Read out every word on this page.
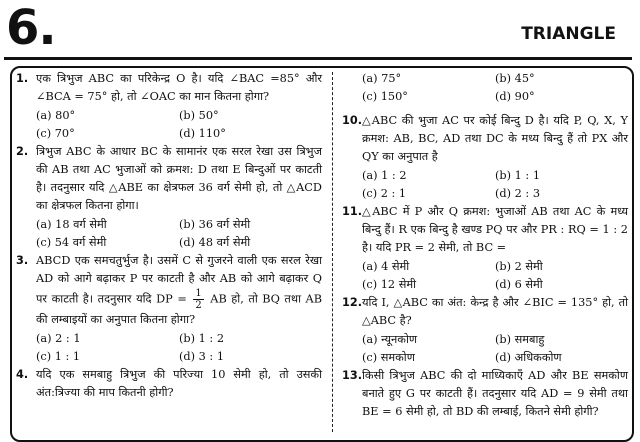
6.	TRIANGLE
1. एक त्रिभुज ABC का परिकेन्द्र O है। यदि ∠BAC =85° और ∠BCA = 75° हो, तो ∠OAC का मान कितना होगा?
(a) 80°	(b) 50°
(c) 70°	(d) 110°
2. त्रिभुज ABC के आधार BC के सामानंर एक सरल रेखा उस त्रिभुज की AB तथा AC भुजाओं को क्रमश: D तथा E बिन्दुओं पर काटती है। तदनुसार यदि △ABE का क्षेत्रफल 36 वर्ग सेमी हो, तो △ACD का क्षेत्रफल कितना होगा।
(a) 18 वर्ग सेमी	(b) 36 वर्ग सेमी
(c) 54 वर्ग सेमी	(d) 48 वर्ग सेमी
3. ABCD एक समचतुर्भुज है। उसमें C से गुजरने वाली एक सरल रेखा AD को आगे बढ़ाकर P पर काटती है और AB को आगे बढ़ाकर Q पर काटती है। तदनुसार यदि DP = $\frac{1}{2}$ AB हो, तो BQ तथा AB की लम्बाइयों का अनुपात कितना होगा?
(a) 2 : 1	(b) 1 : 2
(c) 1 : 1	(d) 3 : 1
4. यदि एक समबाहु त्रिभुज की परिज्या 10 सेमी हो, तो उसकी अंत:त्रिज्या की माप कितनी होगी?
(a) 75°	(b) 45°
(c) 150°	(d) 90°
10. △ABC की भुजा AC पर कोई बिन्दु D है। यदि P, Q, X, Y क्रमश: AB, BC, AD तथा DC के मध्य बिन्दु हैं तो PX और QY का अनुपात है
(a) 1 : 2	(b) 1 : 1
(c) 2 : 1	(d) 2 : 3
11. △ABC में P और Q क्रमश: भुजाओं AB तथा AC के मध्य बिन्दु हैं। R एक बिन्दु है खण्ड PQ पर और PR : RQ = 1 : 2 है। यदि PR = 2 सेमी, तो BC =
(a) 4 सेमी	(b) 2 सेमी
(c) 12 सेमी	(d) 6 सेमी
12. यदि I, △ABC का अंत: केन्द्र है और ∠BIC = 135° हो, तो △ABC है?
(a) न्यूनकोण	(b) समबाहु
(c) समकोण	(d) अधिककोण
13. किसी त्रिभुज ABC की दो माध्यिकाएँ AD और BE समकोण बनाते हुए G पर काटती हैं। तदनुसार यदि AD = 9 सेमी तथा BE = 6 सेमी हो, तो BD की लम्बाई, कितने सेमी होगी?
